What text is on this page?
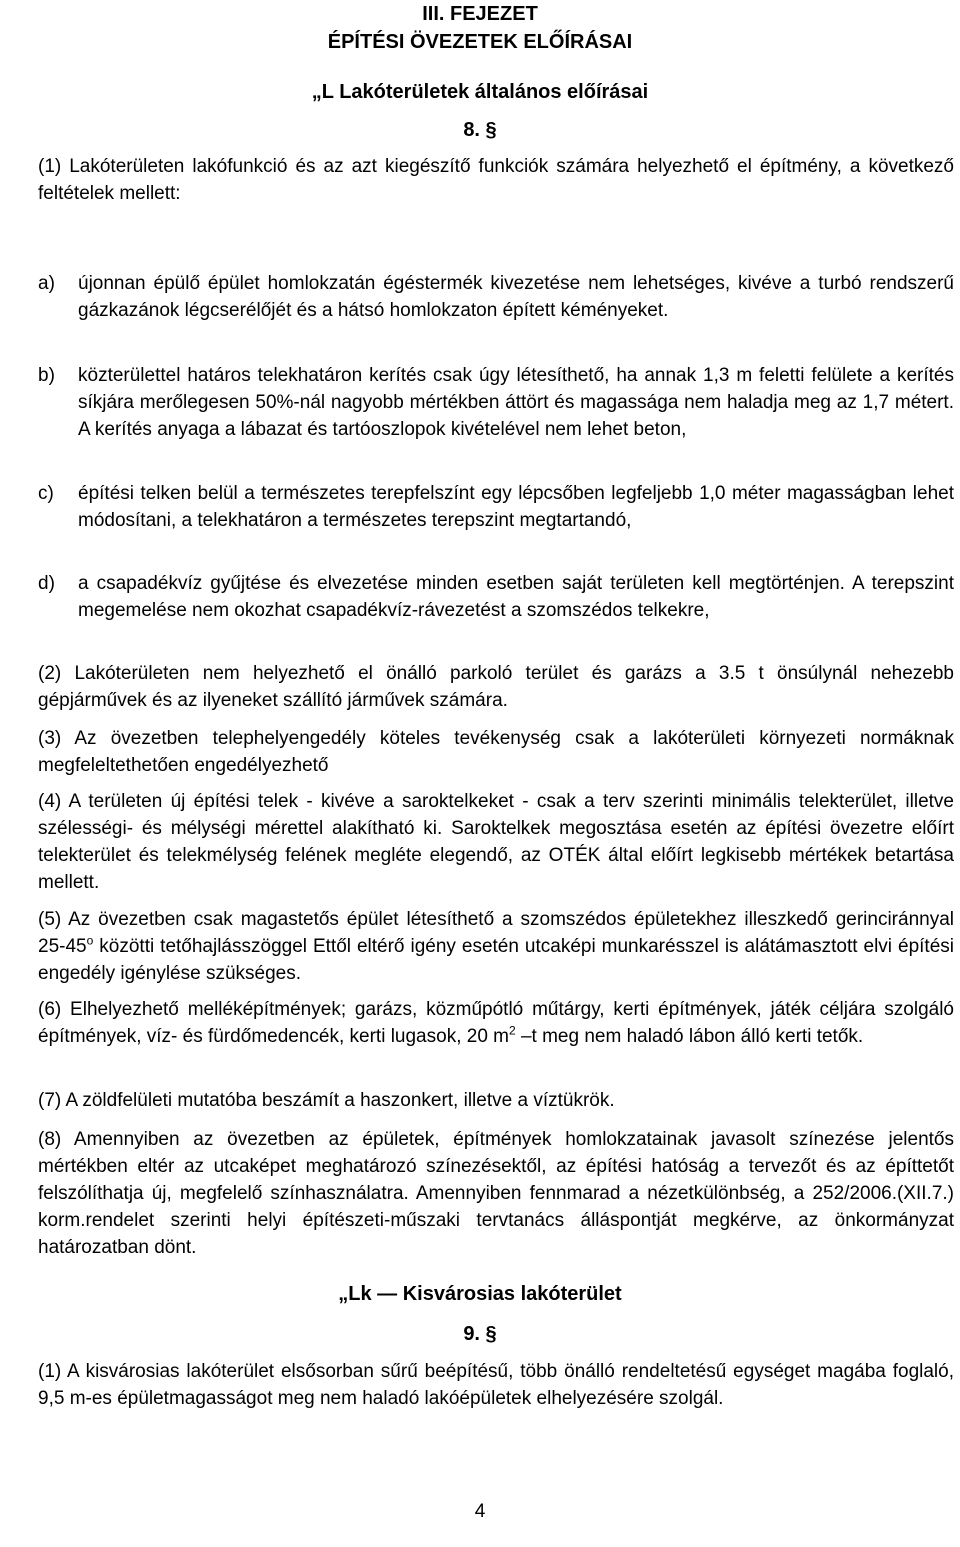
III. FEJEZET

ÉPÍTÉSI ÖVEZETEK ELŐÍRÁSAI

„L Lakóterületek általános előírásai

8. §

(1) Lakóterületen lakófunkció és az azt kiegészítő funkciók számára helyezhető el építmény, a következő feltételek mellett:

a) újonnan épülő épület homlokzatán égéstermék kivezetése nem lehetséges, kivéve a turbó rendszerű gázkazánok légcserélőjét és a hátsó homlokzaton épített kéményeket.

b) közterülettel határos telekhatáron kerítés csak úgy létesíthető, ha annak 1,3 m feletti felülete a kerítés síkjára merőlegesen 50%-nál nagyobb mértékben áttört és magassága nem haladja meg az 1,7 métert. A kerítés anyaga a lábazat és tartóoszlopok kivételével nem lehet beton,

c) építési telken belül a természetes terepfelszínt egy lépcsőben legfeljebb 1,0 méter magasságban lehet módosítani, a telekhatáron a természetes terepszint megtartandó,

d) a csapadékvíz gyűjtése és elvezetése minden esetben saját területen kell megtörténjen. A terepszint megemelése nem okozhat csapadékvíz-rávezetést a szomszédos telkekre,

(2) Lakóterületen nem helyezhető el önálló parkoló terület és garázs a 3.5 t önsúlynál nehezebb gépjárművek és az ilyeneket szállító járművek számára.

(3) Az övezetben telephelyengedély köteles tevékenység csak a lakóterületi környezeti normáknak megfeleltethetően engedélyezhető

(4) A területen új építési telek - kivéve a saroktelkeket - csak a terv szerinti minimális telekterület, illetve szélességi- és mélységi mérettel alakítható ki. Saroktelkek megosztása esetén az építési övezetre előírt telekterület és telekmélység felének megléte elegendő, az OTÉK által előírt legkisebb mértékek betartása mellett.

(5) Az övezetben csak magastetős épület létesíthető a szomszédos épületekhez illeszkedő gerinciránnyal 25-45$^o$ közötti tetőhajlásszöggel Ettől eltérő igény esetén utcaképi munkarésszel is alátámasztott elvi építési engedély igénylése szükséges.

(6) Elhelyezhető melléképítmények; garázs, közműpótló műtárgy, kerti építmények, játék céljára szolgáló építmények, víz- és fürdőmedencék, kerti lugasok, 20 $m^2$ –t meg nem haladó lábon álló kerti tetők.

(7) A zöldfelületi mutatóba beszámít a haszonkert, illetve a víztükrök.

(8) Amennyiben az övezetben az épületek, építmények homlokzatainak javasolt színezése jelentős mértékben eltér az utcaképet meghatározó színezésektől, az építési hatóság a tervezőt és az építtetőt felszólíthatja új, megfelelő színhasználatra. Amennyiben fennmarad a nézetkülönbség, a 252/2006.(XII.7.) korm.rendelet szerinti helyi építészeti-műszaki tervtanács álláspontját megkérve, az önkormányzat határozatban dönt.

„Lk — Kisvárosias lakóterület

9. §

(1) A kisvárosias lakóterület elsősorban sűrű beépítésű, több önálló rendeltetésű egységet magába foglaló, 9,5 m-es épületmagasságot meg nem haladó lakóépületek elhelyezésére szolgál.

4
